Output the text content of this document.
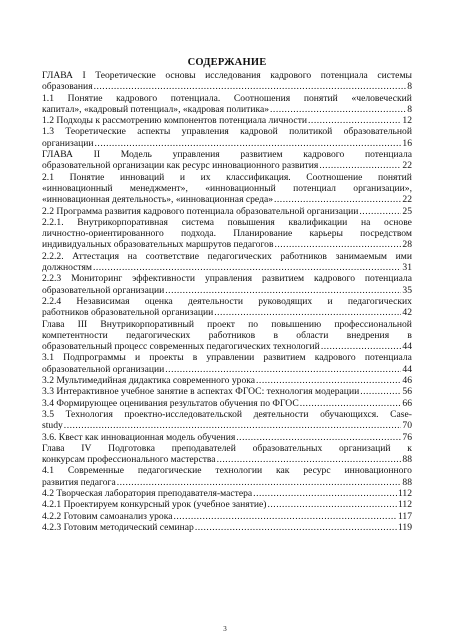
СОДЕРЖАНИЕ
ГЛАВА I Теоретические основы исследования кадрового потенциала системы
образования .....	8
1.1 Понятие кадрового потенциала. Соотношения понятий «человеческий
капитал», «кадровый потенциал», «кадровая политика» .....	8
1.2 Подходы к рассмотрению компонентов потенциала личности .....	12
1.3 Теоретические аспекты управления кадровой политикой образовательной
организации .....	16
ГЛАВА II Модель управления развитием кадрового потенциала
образовательной организации как ресурс инновационного развития .....	22
2.1 Понятие инноваций и их классификация. Соотношение понятий
«инновационный менеджмент», «инновационный потенциал организации»,
«инновационная деятельность», «инновационная среда» .....	22
2.2 Программа развития кадрового потенциала образовательной организации .....	25
2.2.1. Внутрикорпоративная система повышения квалификации на основе
личностно-ориентированного подхода. Планирование карьеры посредством
индивидуальных образовательных маршрутов педагогов .....	28
2.2.2. Аттестация на соответствие педагогических работников занимаемым ими
должностям .....	31
2.2.3 Мониторинг эффективности управления развитием кадрового потенциала
образовательной организации .....	35
2.2.4 Независимая оценка деятельности руководящих и педагогических
работников образовательной организации .....	42
Глава III Внутрикорпоративный проект по повышению профессиональной
компетентности педагогических работников в области внедрения в
образовательный процесс современных педагогических технологий .....	44
3.1 Подпрограммы и проекты в управлении развитием кадрового потенциала
образовательной организации .....	44
3.2 Мультимедийная дидактика современного урока .....	46
3.3 Интерактивное учебное занятие в аспектах ФГОС: технология модерации .....	56
3.4 Формирующее оценивания результатов обучения по ФГОС .....	66
3.5 Технология проектно-исследовательской деятельности обучающихся. Case-
study .....	70
3.6. Квест как инновационная модель обучения .....	76
Глава IV Подготовка преподавателей образовательных организаций к
конкурсам профессионального мастерства .....	88
4.1 Современные педагогические технологии как ресурс инновационного
развития педагога .....	88
4.2 Творческая лаборатория преподавателя-мастера .....	112
4.2.1 Проектируем конкурсный урок (учебное занятие) .....	112
4.2.2 Готовим самоанализ урока .....	117
4.2.3 Готовим методический семинар .....	119
3
